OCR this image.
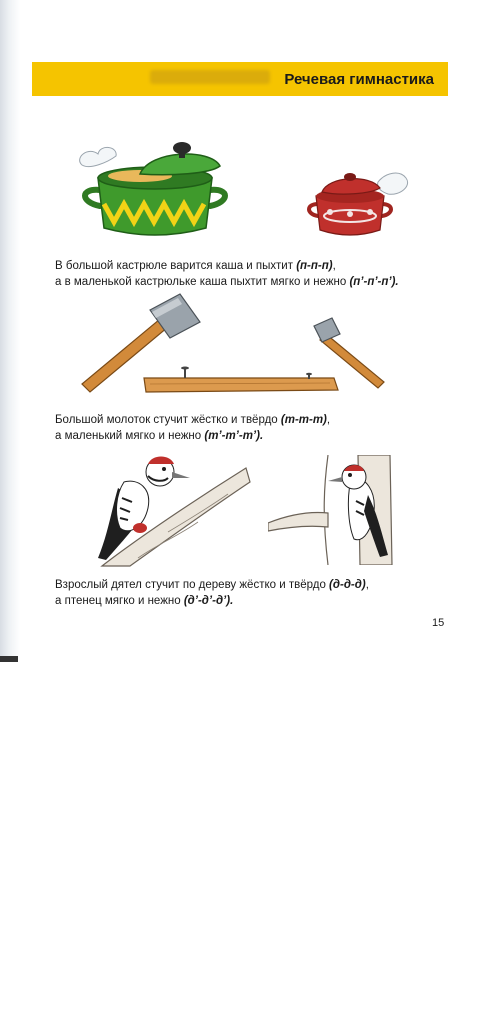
Речевая гимнастика
В большой кастрюле варится каша и пыхтит (п-п-п),
а в маленькой кастрюльке каша пыхтит мягко и нежно (п’-п’-п’).
Большой молоток стучит жёстко и твёрдо (т-т-т),
а маленький мягко и нежно (т’-т’-т’).
Взрослый дятел стучит по дереву жёстко и твёрдо (д-д-д),
а птенец мягко и нежно (д’-д’-д’).
15
